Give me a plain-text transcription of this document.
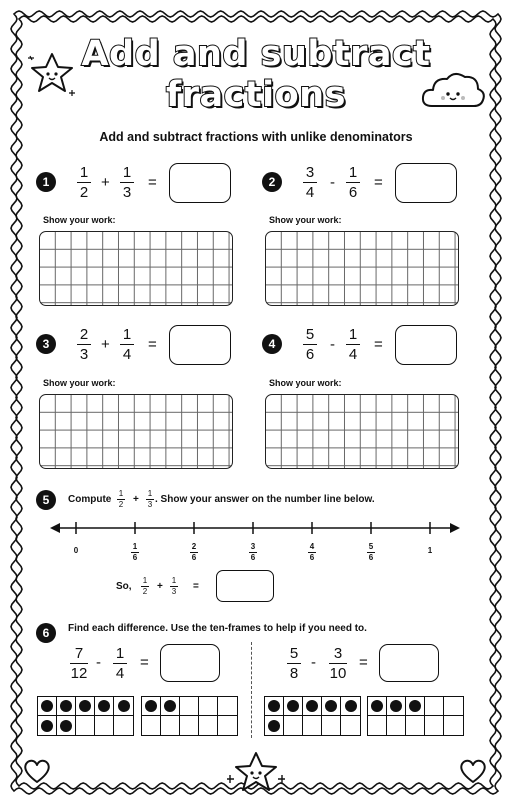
Add and subtract
fractions
Add and subtract fractions with unlike denominators
1
1
2
+
1
3
=
Show your work:
2
3
4
-
1
6
=
Show your work:
3
2
3
+
1
4
=
Show your work:
4
5
6
-
1
4
=
Show your work:
5	Compute
1
2 +
1
3 . Show your answer on the number line below.
0	1
6
2
6
3
6
4
6
5
6
1
So,
1
2 +
1
3 =
6	Find each difference. Use the ten-frames to help if you need to.
7
12
-
1
4
=
5
8
-
3
10
=
